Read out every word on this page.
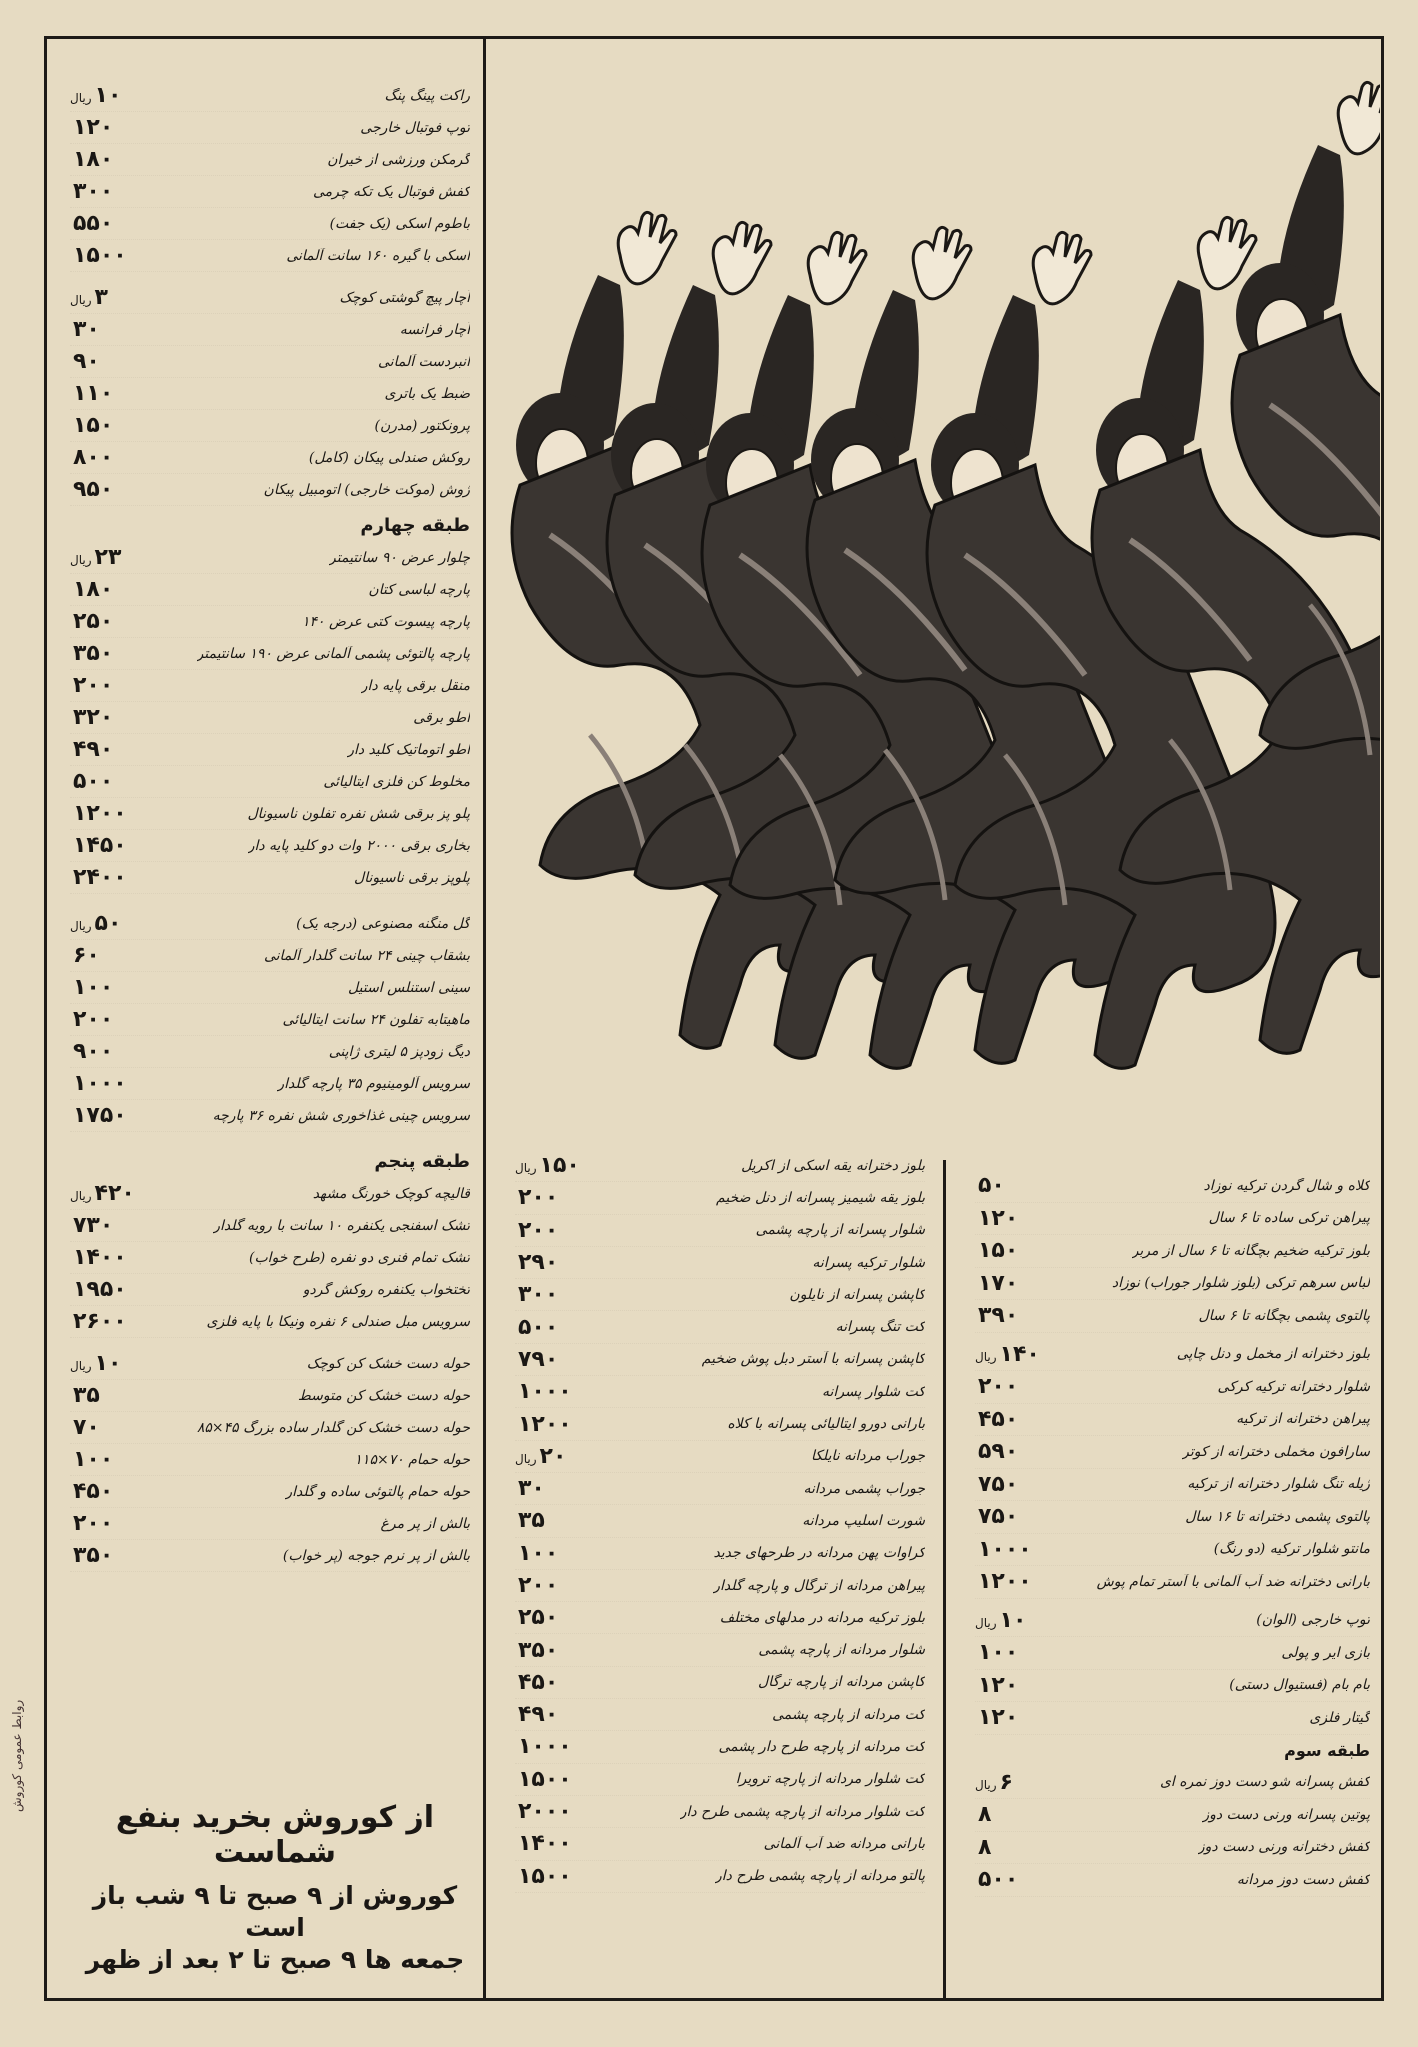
روابط عمومی کوروش
راکت پینگ پنگ
۱۰ریال
توپ فوتبال خارجی
۱۲۰
گرمکن ورزشی از خیران
۱۸۰
کفش فوتبال یک تکه چرمی
۳۰۰
باطوم اسکی (یک جفت)
۵۵۰
اسکی با گیره ۱۶۰ سانت آلمانی
۱۵۰۰
آچار پیچ گوشتی کوچک
۳ریال
آچار فرانسه
۳۰
انبردست آلمانی
۹۰
ضبط یک باتری
۱۱۰
پرونکتور (مدرن)
۱۵۰
روکش صندلی پیکان (کامل)
۸۰۰
ژوش (موکت خارجی) اتومبیل پیکان
۹۵۰
طبقه چهارم
چلوار عرض ۹۰ سانتیمتر
۲۳ریال
پارچه لباسی کتان
۱۸۰
پارچه پیسوت کتی عرض ۱۴۰
۲۵۰
پارچه پالتوئی پشمی آلمانی عرض ۱۹۰ سانتیمتر
۳۵۰
منقل برقی پایه دار
۲۰۰
اطو برقی
۳۲۰
اطو اتوماتیک کلید دار
۴۹۰
مخلوط کن فلزی ایتالیائی
۵۰۰
پلو پز برقی شش نفره تفلون ناسیونال
۱۲۰۰
بخاری برقی ۲۰۰۰ وات دو کلید پایه دار
۱۴۵۰
پلوپز برقی ناسیونال
۲۴۰۰
گل منگنه مصنوعی (درجه یک)
۵۰ریال
بشقاب چینی ۲۴ سانت گلدار آلمانی
۶۰
سینی استنلس استیل
۱۰۰
ماهیتابه تفلون ۲۴ سانت ایتالیائی
۲۰۰
دیگ زودپز ۵ لیتری ژاپنی
۹۰۰
سرویس آلومینیوم ۳۵ پارچه گلدار
۱۰۰۰
سرویس چینی غذاخوری شش نفره ۳۶ پارچه
۱۷۵۰
طبقه پنجم
قالیچه کوچک خورنگ مشهد
۴۲۰ریال
تشک اسفنجی یکنفره ۱۰ سانت با رویه گلدار
۷۳۰
تشک تمام فنری دو نفره (طرح خواب)
۱۴۰۰
تختخواب یکنفره روکش گردو
۱۹۵۰
سرویس مبل صندلی ۶ نفره ونیکا با پایه فلزی
۲۶۰۰
حوله دست خشک کن کوچک
۱۰ریال
حوله دست خشک کن متوسط
۳۵
حوله دست خشک کن گلدار ساده بزرگ ۴۵×۸۵
۷۰
حوله حمام ۷۰×۱۱۵
۱۰۰
حوله حمام پالتوئی ساده و گلدار
۴۵۰
بالش از پر مرغ
۲۰۰
بالش از پر نرم جوجه (پر خواب)
۳۵۰
از کوروش بخرید بنفع شماست
کوروش از ۹ صبح تا ۹ شب باز است
جمعه ها ۹ صبح تا ۲ بعد از ظهر
بلوز دخترانه یقه اسکی از اکریل
۱۵۰ریال
بلوز یقه شیمیز پسرانه از دنل ضخیم
۲۰۰
شلوار پسرانه از پارچه پشمی
۲۰۰
شلوار ترکیه پسرانه
۲۹۰
کاپشن پسرانه از نایلون
۳۰۰
کت تنگ پسرانه
۵۰۰
کاپشن پسرانه با آستر دبل پوش ضخیم
۷۹۰
کت شلوار پسرانه
۱۰۰۰
بارانی دورو ایتالیائی پسرانه با کلاه
۱۲۰۰
جوراب مردانه نایلکا
۲۰ریال
جوراب پشمی مردانه
۳۰
شورت اسلیپ مردانه
۳۵
کراوات پهن مردانه در طرحهای جدید
۱۰۰
پیراهن مردانه از ترگال و پارچه گلدار
۲۰۰
بلوز ترکیه مردانه در مدلهای مختلف
۲۵۰
شلوار مردانه از پارچه پشمی
۳۵۰
کاپشن مردانه از پارچه ترگال
۴۵۰
کت مردانه از پارچه پشمی
۴۹۰
کت مردانه از پارچه طرح دار پشمی
۱۰۰۰
کت شلوار مردانه از پارچه ترویرا
۱۵۰۰
کت شلوار مردانه از پارچه پشمی طرح دار
۲۰۰۰
بارانی مردانه ضد آب آلمانی
۱۴۰۰
پالتو مردانه از پارچه پشمی طرح دار
۱۵۰۰
کلاه و شال گردن ترکیه نوزاد
۵۰
پیراهن ترکی ساده تا ۶ سال
۱۲۰
بلوز ترکیه ضخیم بچگانه تا ۶ سال از مربر
۱۵۰
لباس سرهم ترکی (بلوز شلوار جوراب) نوزاد
۱۷۰
پالتوی پشمی بچگانه تا ۶ سال
۳۹۰
بلوز دخترانه از مخمل و دنل چاپی
۱۴۰ریال
شلوار دخترانه ترکیه کرکی
۲۰۰
پیراهن دخترانه از ترکیه
۴۵۰
سارافون مخملی دخترانه از کوتر
۵۹۰
ژیله تنگ شلوار دخترانه از ترکیه
۷۵۰
پالتوی پشمی دخترانه تا ۱۶ سال
۷۵۰
مانتو شلوار ترکیه (دو رنگ)
۱۰۰۰
بارانی دخترانه ضد آب آلمانی با آستر تمام پوش
۱۲۰۰
توپ خارجی (الوان)
۱۰ریال
بازی ایر و پولی
۱۰۰
بام بام (فستیوال دستی)
۱۲۰
گیتار فلزی
۱۲۰
طبقه سوم
کفش پسرانه شو دست دوز نمره ای
۶ریال
پوتین پسرانه ورنی دست دوز
۸
کفش دخترانه ورنی دست دوز
۸
کفش دست دوز مردانه
۵۰۰
